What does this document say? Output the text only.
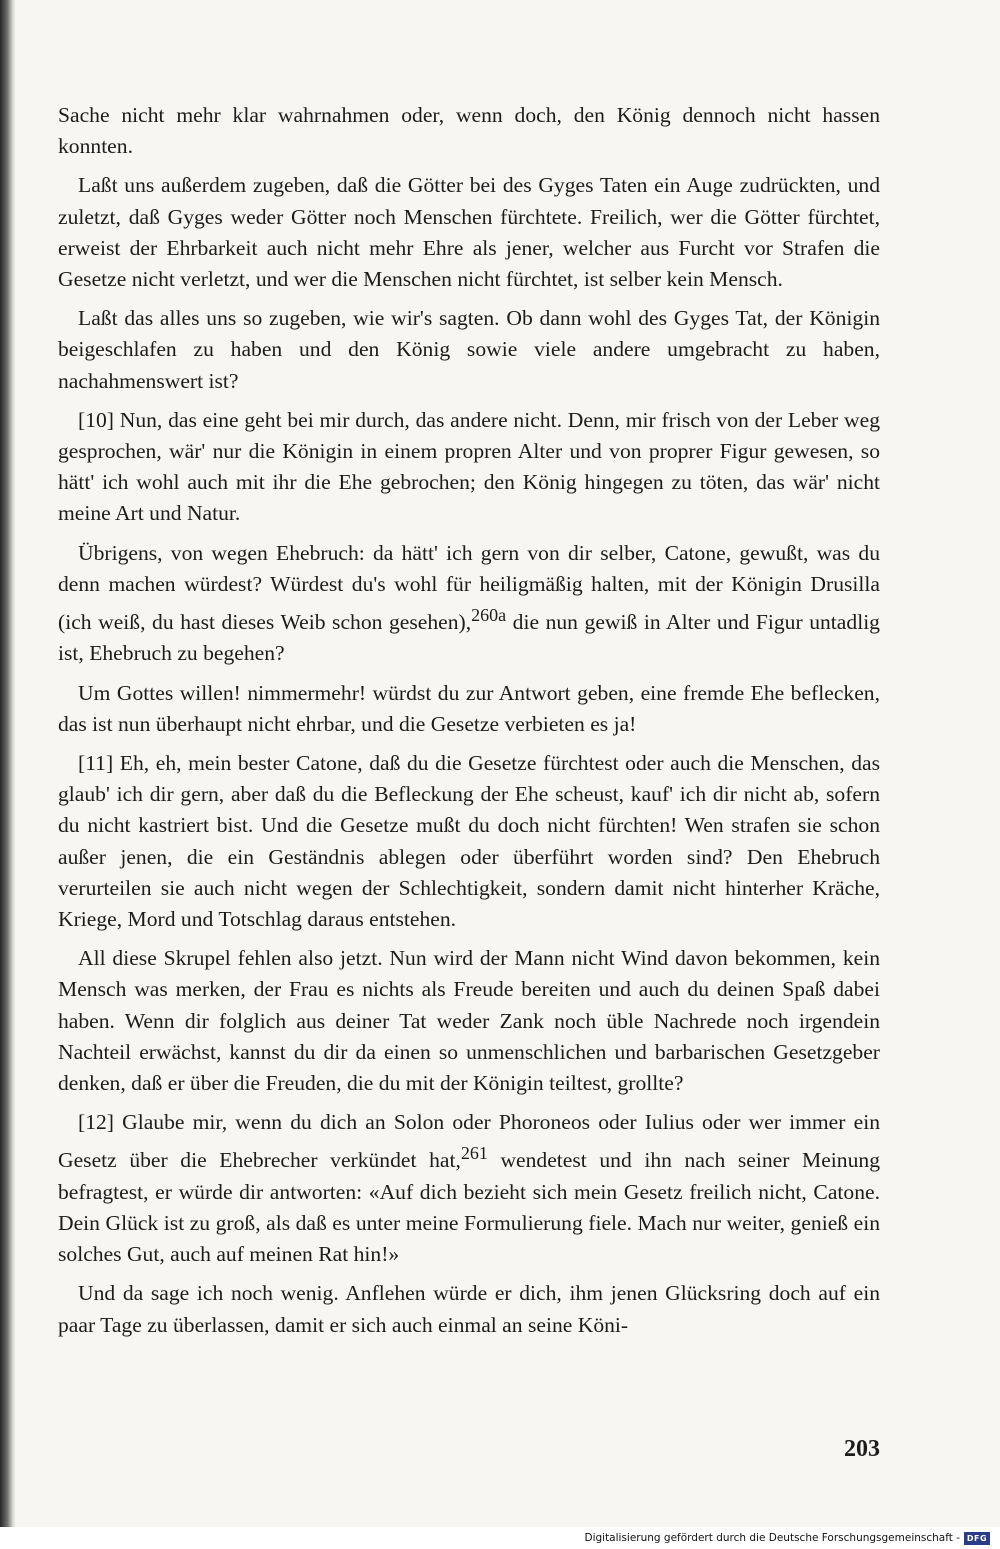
Sache nicht mehr klar wahrnahmen oder, wenn doch, den König dennoch nicht hassen konnten.

Laßt uns außerdem zugeben, daß die Götter bei des Gyges Taten ein Auge zudrückten, und zuletzt, daß Gyges weder Götter noch Menschen fürchtete. Freilich, wer die Götter fürchtet, erweist der Ehrbarkeit auch nicht mehr Ehre als jener, welcher aus Furcht vor Strafen die Gesetze nicht verletzt, und wer die Menschen nicht fürchtet, ist selber kein Mensch.

Laßt das alles uns so zugeben, wie wir's sagten. Ob dann wohl des Gyges Tat, der Königin beigeschlafen zu haben und den König sowie viele andere umgebracht zu haben, nachahmenswert ist?

[10] Nun, das eine geht bei mir durch, das andere nicht. Denn, mir frisch von der Leber weg gesprochen, wär' nur die Königin in einem propren Alter und von proprer Figur gewesen, so hätt' ich wohl auch mit ihr die Ehe gebrochen; den König hingegen zu töten, das wär' nicht meine Art und Natur.

Übrigens, von wegen Ehebruch: da hätt' ich gern von dir selber, Catone, gewußt, was du denn machen würdest? Würdest du's wohl für heiligmäßig halten, mit der Königin Drusilla (ich weiß, du hast dieses Weib schon gesehen),$^{260a}$ die nun gewiß in Alter und Figur untadlig ist, Ehebruch zu begehen?

Um Gottes willen! nimmermehr! würdst du zur Antwort geben, eine fremde Ehe beflecken, das ist nun überhaupt nicht ehrbar, und die Gesetze verbieten es ja!

[11] Eh, eh, mein bester Catone, daß du die Gesetze fürchtest oder auch die Menschen, das glaub' ich dir gern, aber daß du die Befleckung der Ehe scheust, kauf' ich dir nicht ab, sofern du nicht kastriert bist. Und die Gesetze mußt du doch nicht fürchten! Wen strafen sie schon außer jenen, die ein Geständnis ablegen oder überführt worden sind? Den Ehebruch verurteilen sie auch nicht wegen der Schlechtigkeit, sondern damit nicht hinterher Kräche, Kriege, Mord und Totschlag daraus entstehen.

All diese Skrupel fehlen also jetzt. Nun wird der Mann nicht Wind davon bekommen, kein Mensch was merken, der Frau es nichts als Freude bereiten und auch du deinen Spaß dabei haben. Wenn dir folglich aus deiner Tat weder Zank noch üble Nachrede noch irgendein Nachteil erwächst, kannst du dir da einen so unmenschlichen und barbarischen Gesetzgeber denken, daß er über die Freuden, die du mit der Königin teiltest, grollte?

[12] Glaube mir, wenn du dich an Solon oder Phoroneos oder Iulius oder wer immer ein Gesetz über die Ehebrecher verkündet hat,$^{261}$ wendetest und ihn nach seiner Meinung befragtest, er würde dir antworten: «Auf dich bezieht sich mein Gesetz freilich nicht, Catone. Dein Glück ist zu groß, als daß es unter meine Formulierung fiele. Mach nur weiter, genieß ein solches Gut, auch auf meinen Rat hin!»

Und da sage ich noch wenig. Anflehen würde er dich, ihm jenen Glücksring doch auf ein paar Tage zu überlassen, damit er sich auch einmal an seine Köni-

203
Digitalisierung gefördert durch die Deutsche Forschungsgemeinschaft - DFG
